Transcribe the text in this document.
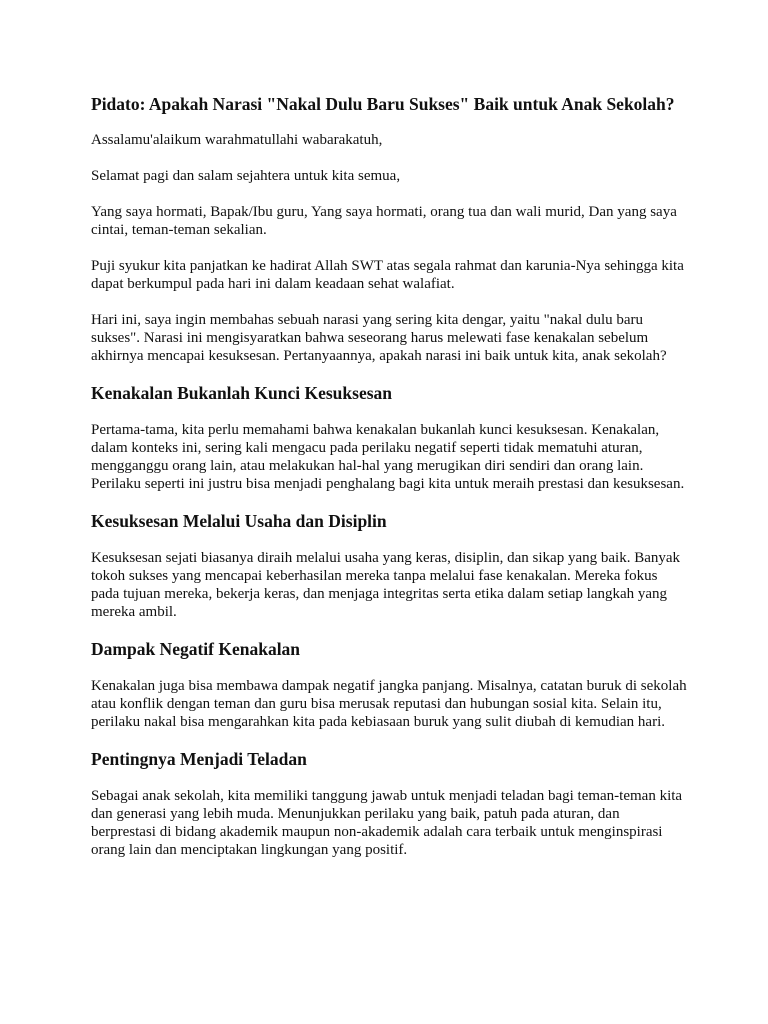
Pidato: Apakah Narasi "Nakal Dulu Baru Sukses" Baik untuk Anak Sekolah?

Assalamu'alaikum warahmatullahi wabarakatuh,

Selamat pagi dan salam sejahtera untuk kita semua,

Yang saya hormati, Bapak/Ibu guru, Yang saya hormati, orang tua dan wali murid, Dan yang saya cintai, teman-teman sekalian.

Puji syukur kita panjatkan ke hadirat Allah SWT atas segala rahmat dan karunia-Nya sehingga kita dapat berkumpul pada hari ini dalam keadaan sehat walafiat.

Hari ini, saya ingin membahas sebuah narasi yang sering kita dengar, yaitu "nakal dulu baru sukses". Narasi ini mengisyaratkan bahwa seseorang harus melewati fase kenakalan sebelum akhirnya mencapai kesuksesan. Pertanyaannya, apakah narasi ini baik untuk kita, anak sekolah?

Kenakalan Bukanlah Kunci Kesuksesan

Pertama-tama, kita perlu memahami bahwa kenakalan bukanlah kunci kesuksesan. Kenakalan, dalam konteks ini, sering kali mengacu pada perilaku negatif seperti tidak mematuhi aturan, mengganggu orang lain, atau melakukan hal-hal yang merugikan diri sendiri dan orang lain. Perilaku seperti ini justru bisa menjadi penghalang bagi kita untuk meraih prestasi dan kesuksesan.

Kesuksesan Melalui Usaha dan Disiplin

Kesuksesan sejati biasanya diraih melalui usaha yang keras, disiplin, dan sikap yang baik. Banyak tokoh sukses yang mencapai keberhasilan mereka tanpa melalui fase kenakalan. Mereka fokus pada tujuan mereka, bekerja keras, dan menjaga integritas serta etika dalam setiap langkah yang mereka ambil.

Dampak Negatif Kenakalan

Kenakalan juga bisa membawa dampak negatif jangka panjang. Misalnya, catatan buruk di sekolah atau konflik dengan teman dan guru bisa merusak reputasi dan hubungan sosial kita. Selain itu, perilaku nakal bisa mengarahkan kita pada kebiasaan buruk yang sulit diubah di kemudian hari.

Pentingnya Menjadi Teladan

Sebagai anak sekolah, kita memiliki tanggung jawab untuk menjadi teladan bagi teman-teman kita dan generasi yang lebih muda. Menunjukkan perilaku yang baik, patuh pada aturan, dan berprestasi di bidang akademik maupun non-akademik adalah cara terbaik untuk menginspirasi orang lain dan menciptakan lingkungan yang positif.
